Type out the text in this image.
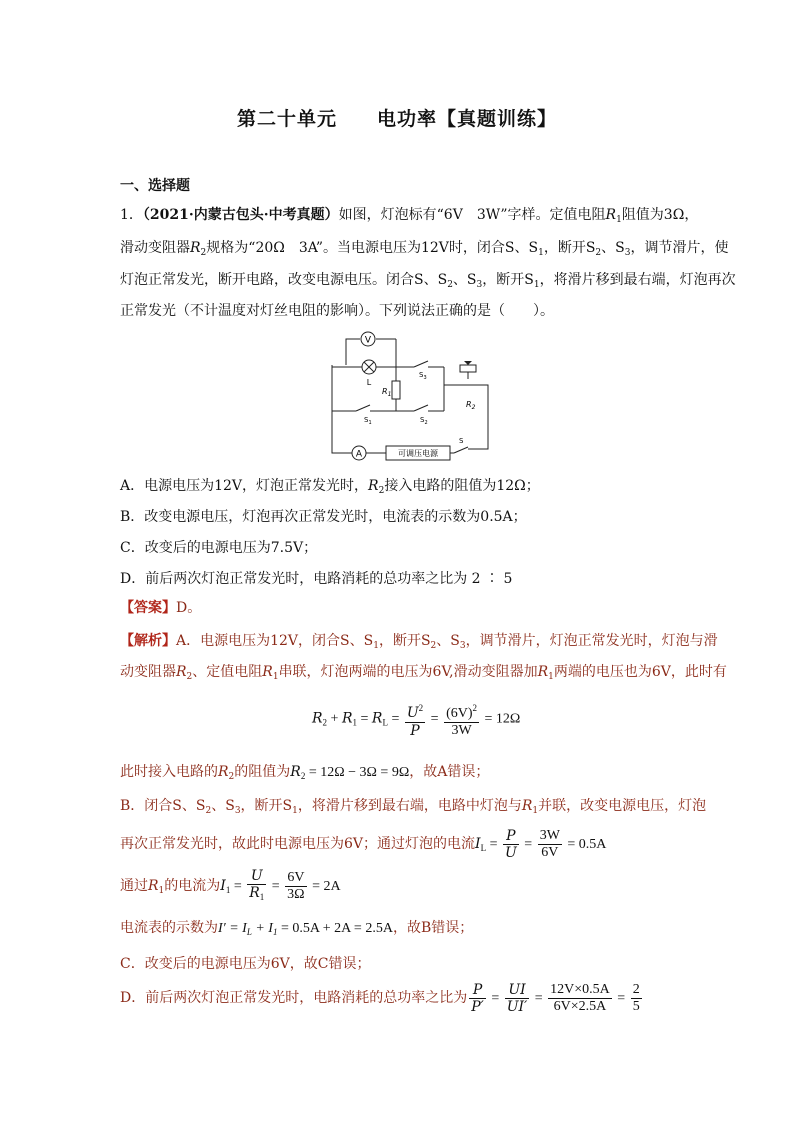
第二十单元　　电功率【真题训练】
一、选择题
1．（2021·内蒙古包头·中考真题）如图，灯泡标有“6V　3W”字样。定值电阻$R_1$阻值为3Ω，
滑动变阻器$R_2$规格为“20Ω　3A”。当电源电压为12V时，闭合S、$S_1$，断开$S_2$、$S_3$，调节滑片，使
灯泡正常发光，断开电路，改变电源电压。闭合S、$S_2$、$S_3$，断开$S_1$，将滑片移到最右端，灯泡再次
正常发光（不计温度对灯丝电阻的影响）。下列说法正确的是（　　）。
V
L
$R_1$
$R_2$
$S_3$
$S_1$	$S_2$
S
A	可调压电源
A．电源电压为12V，灯泡正常发光时，$R_2$接入电路的阻值为12Ω；
B．改变电源电压，灯泡再次正常发光时，电流表的示数为0.5A；
C．改变后的电源电压为7.5V；
D．前后两次灯泡正常发光时，电路消耗的总功率之比为 2 ∶ 5
【答案】D。
【解析】A．电源电压为12V，闭合S、$S_1$，断开$S_2$、$S_3$，调节滑片，灯泡正常发光时，灯泡与滑
动变阻器$R_2$、定值电阻$R_1$串联，灯泡两端的电压为6V,滑动变阻器加$R_1$两端的电压也为6V，此时有
$R_2 + R_1 = R_L = \frac{U^2}{P} = \frac{(6V)^2}{3W} = 12\Omega$
此时接入电路的$R_2$的阻值为$R_2 = 12\Omega - 3\Omega = 9\Omega$，故A错误；
B．闭合S、$S_2$、$S_3$，断开$S_1$，将滑片移到最右端，电路中灯泡与$R_1$并联，改变电源电压，灯泡
再次正常发光时，故此时电源电压为6V；通过灯泡的电流$I_L = \frac{P}{U} = \frac{3W}{6V} = 0.5A$
通过$R_1$的电流为$I_1 = \frac{U}{R_1} = \frac{6V}{3\Omega} = 2A$
电流表的示数为$I' = I_L + I_1 = 0.5A + 2A = 2.5A$，故B错误；
C．改变后的电源电压为6V，故C错误；
D．前后两次灯泡正常发光时，电路消耗的总功率之比为 $\frac{P}{P'} = \frac{UI}{UI'} = \frac{12V\times 0.5A}{6V\times 2.5A} = \frac{2}{5}$
